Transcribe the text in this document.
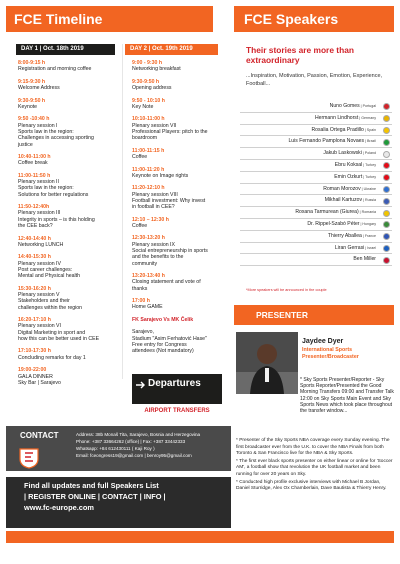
FCE Timeline	FCE Speakers
DAY 1 | Oct. 18th 2019	DAY 2 | Oct. 19th 2019
8:00-9:15 h
Registration and morning coffee
9:15-9:30 h
Welcome Address
9:30-9:50 h
Keynote
9:50 -10:40 h
Plenary session I
Sports law in the region:
Challenges in accessing sporting
justice
10:40-11:00 h
Coffee break
11:00-11:50 h
Plenary session II
Sports law in the region:
Solutions for better regulations
11:50-12:40h
Plenary session III
Integrity in sports – is this holding
the CEE back?
12:40-14:40 h
Networking LUNCH
14:40-15:30 h
Plenary session IV
Post career challenges:
Mental and Physical health
15:30-16:20 h
Plenary session V
Stakeholders and their
challenges within the region
16:20-17:10 h
Plenary session VI
Digital Marketing in sport and
how this can be better used in CEE
17:10-17:30 h
Concluding remarks for day 1
19:00-22:00
GALA DINNER
Sky Bar | Sarajevo
9:00 - 9:30 h
Networking breakfast
9:30-9:50 h
Opening address
9:50 - 10:10 h
Key Note
10:10-11:00 h
Plenary session VII
Professional Players: pitch to the
boardroom
11:00-11:15 h
Coffee
11:00-11:20 h
Keynote on Image rights
11:20-12:10 h
Plenary session VIII
Football investment: Why invest
in football in CEE?
12:10 – 12:30 h
Coffee
12:30-13:20 h
Plenary session IX
Social entrepreneurship in sports
and the benefits to the
community
13:20-13:40 h
Closing statement and vote of
thanks
17:00 h
Home GAME
FK Sarajevo Vs MK Čelik
Sarajevo,
Stadium "Asim Ferhatović Hase"
Free entry for Congress
attendees (Not mandatory)
Departures
AIRPORT TRANSFERS
CONTACT	Address: 38b Monaš Tita, Sarajevo, Bosnia and Herzegovina
Phone: +387 33664262 (office) | Fax: +387 33442333
Whatsapp: +84 612430111 ( Kaji Roy )
Email: fceongress19@gmail.com | benroy95@gmail.com
Find all updates and full Speakers List
| REGISTER ONLINE | CONTACT | INFO |
www.fc-europe.com
Their stories are more than extraordinary
...Inspiration, Motivation, Passion, Emotion, Experience, Football...
Nuno Gomes | Portugal
Hermann Lindhorst | Germany
Rosalia Ortega Pradillo | Spain
Luis Fernando Pamplona Novaes | Brazil
Jakub Laskowski | Poland
Ebru Koksal | Turkey
Emin Ozkurt | Turkey
Roman Morozov | Ukraine
Mikhail Kartuzov | Russia
Roxana Tarmurean (Giurea) | Romania
Dr. Rippel-Szabó Péter | Hungary
Thierry Aballea | France
Liran Gerrasi | Israel
Ben Miller
*More speakers will be announced in the couple
PRESENTER
Jaydee Dyer
International Sports
Presenter/Broadcaster
* Sky Sports Presenter/Reporter - Sky Sports Reporter/Presented the Good Morning Transfers 09:00 and Transfer Talk 12:00 on Sky Sports Main Event and Sky Sports News which took place throughout the transfer window...

* Presenter of the Sky Sports NBA coverage every Sunday evening. The first broadcaster ever from the U.K. to cover the NBA Finals from both Toronto & San Francisco live for the NBA & Sky Sports.

* The first ever black sports presenter on either linear or online for 'Soccer AM', a football show that revolution the UK football market and been running for over 20 years on Sky.

* Conducted high profile exclusive interviews with Michael B Jordan, Daniel Sturridge, Alex Ox Chamberlain, Dave Bautista & Thierry Henry.
